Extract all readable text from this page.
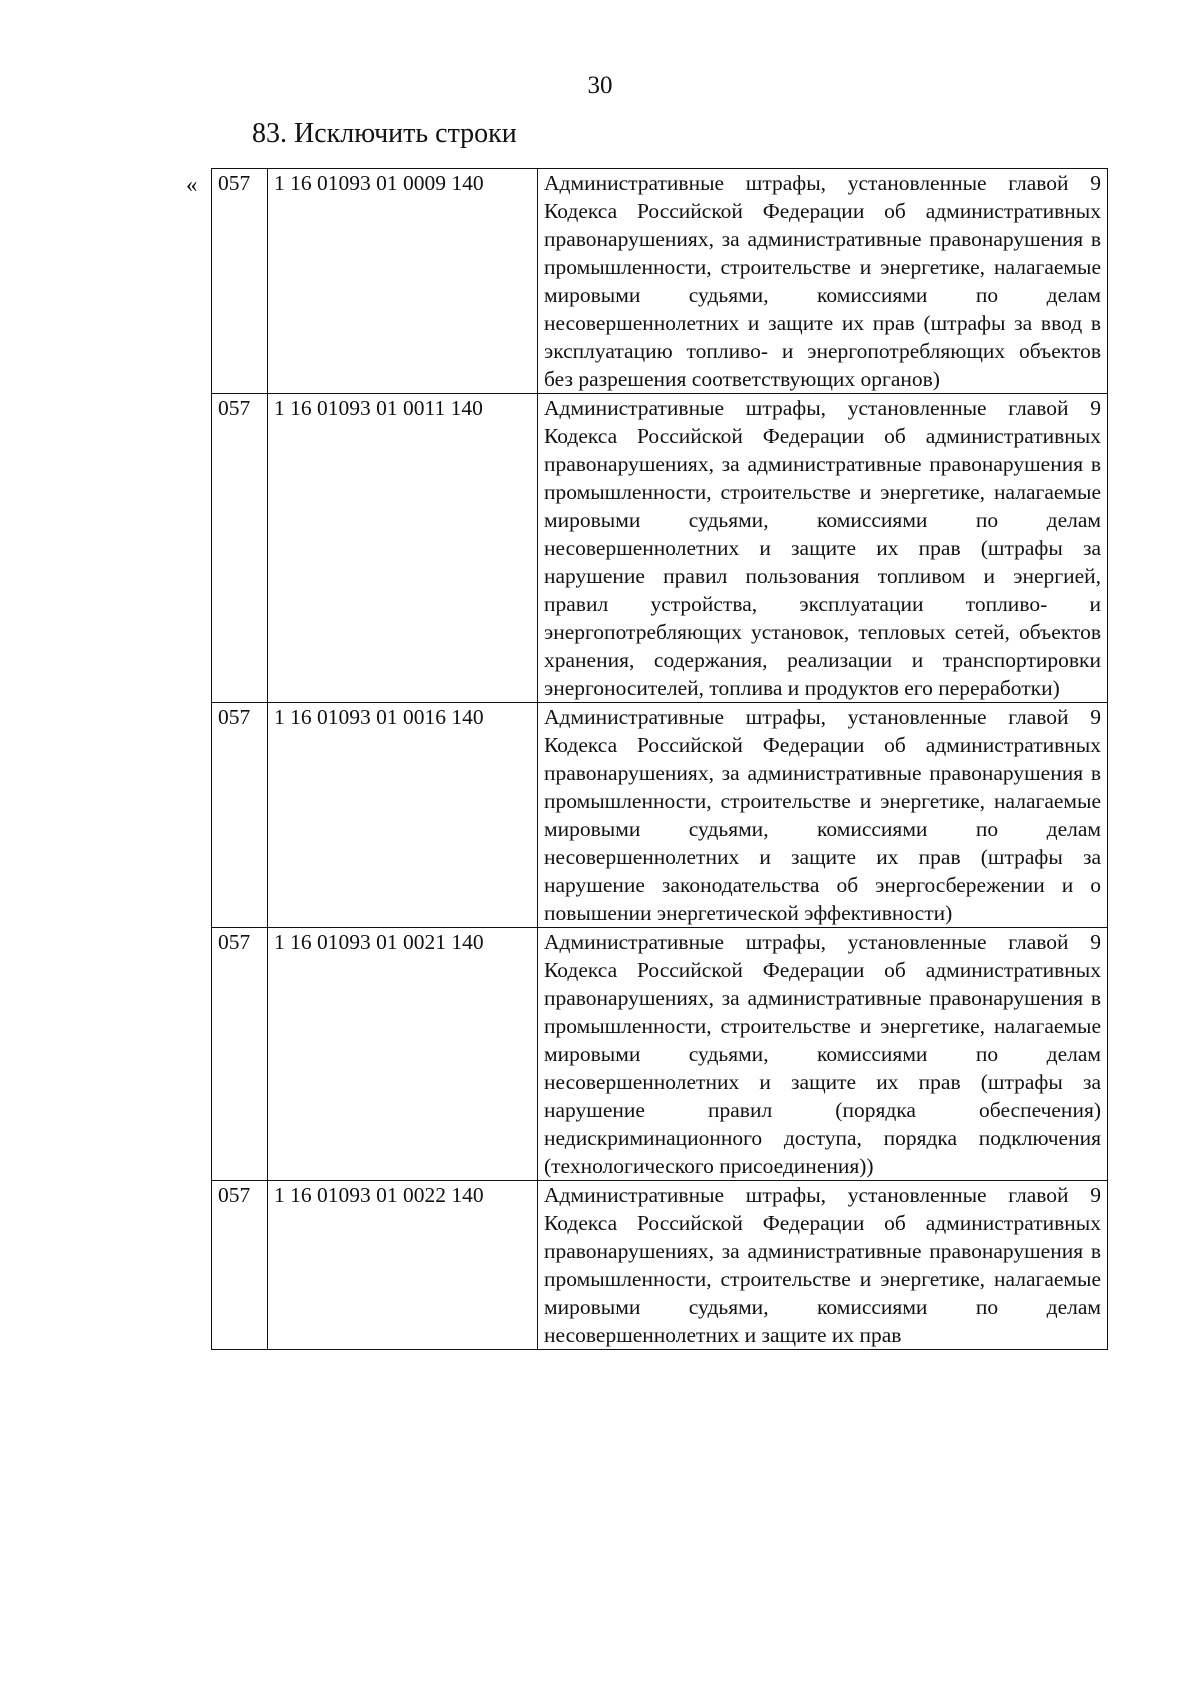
30
83. Исключить строки
« 057	1 16 01093 01 0009 140	Административные штрафы, установленные главой 9 Кодекса Российской Федерации об административных правонарушениях, за административные правонарушения в промышленности, строительстве и энергетике, налагаемые мировыми судьями, комиссиями по делам несовершеннолетних и защите их прав (штрафы за ввод в эксплуатацию топливо- и энергопотребляющих объектов без разрешения соответствующих органов)
057	1 16 01093 01 0011 140	Административные штрафы, установленные главой 9 Кодекса Российской Федерации об административных правонарушениях, за административные правонарушения в промышленности, строительстве и энергетике, налагаемые мировыми судьями, комиссиями по делам несовершеннолетних и защите их прав (штрафы за нарушение правил пользования топливом и энергией, правил устройства, эксплуатации топливо- и энергопотребляющих установок, тепловых сетей, объектов хранения, содержания, реализации и транспортировки энергоносителей, топлива и продуктов его переработки)
057	1 16 01093 01 0016 140	Административные штрафы, установленные главой 9 Кодекса Российской Федерации об административных правонарушениях, за административные правонарушения в промышленности, строительстве и энергетике, налагаемые мировыми судьями, комиссиями по делам несовершеннолетних и защите их прав (штрафы за нарушение законодательства об энергосбережении и о повышении энергетической эффективности)
057	1 16 01093 01 0021 140	Административные штрафы, установленные главой 9 Кодекса Российской Федерации об административных правонарушениях, за административные правонарушения в промышленности, строительстве и энергетике, налагаемые мировыми судьями, комиссиями по делам несовершеннолетних и защите их прав (штрафы за нарушение правил (порядка обеспечения) недискриминационного доступа, порядка подключения (технологического присоединения))
057	1 16 01093 01 0022 140	Административные штрафы, установленные главой 9 Кодекса Российской Федерации об административных правонарушениях, за административные правонарушения в промышленности, строительстве и энергетике, налагаемые мировыми судьями, комиссиями по делам несовершеннолетних и защите их прав
